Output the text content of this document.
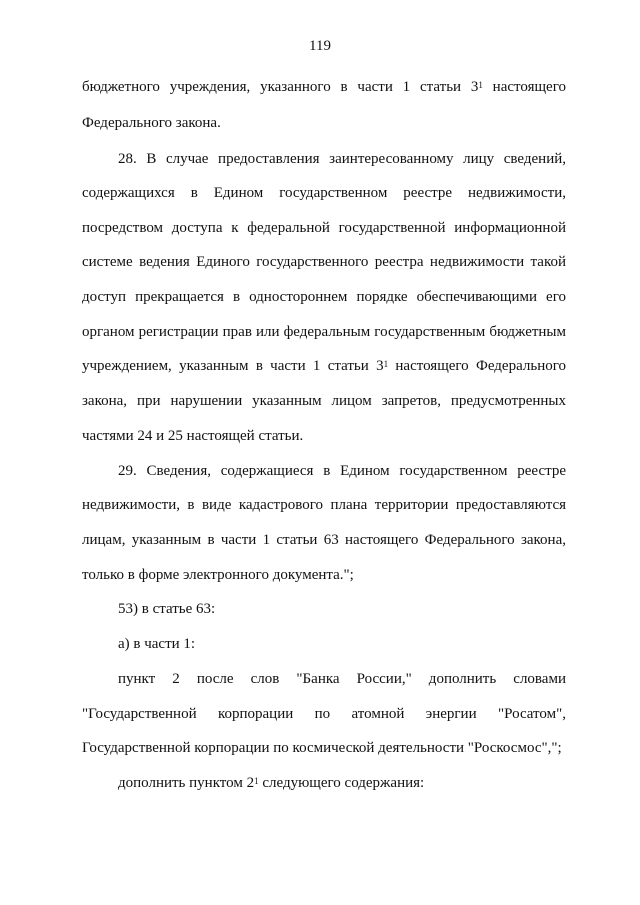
119
бюджетного учреждения, указанного в части 1 статьи $3^1$ настоящего
Федерального закона.
28. В случае предоставления заинтересованному лицу сведений,
содержащихся в Едином государственном реестре недвижимости,
посредством доступа к федеральной государственной информационной
системе ведения Единого государственного реестра недвижимости такой
доступ прекращается в одностороннем порядке обеспечивающими его
органом регистрации прав или федеральным государственным бюджетным
учреждением, указанным в части 1 статьи $3^1$ настоящего Федерального
закона, при нарушении указанным лицом запретов, предусмотренных
частями 24 и 25 настоящей статьи.
29. Сведения, содержащиеся в Едином государственном реестре
недвижимости, в виде кадастрового плана территории предоставляются
лицам, указанным в части 1 статьи 63 настоящего Федерального закона,
только в форме электронного документа.";
53) в статье 63:
а) в части 1:
пункт 2 после слов "Банка России," дополнить словами
"Государственной корпорации по атомной энергии "Росатом",
Государственной корпорации по космической деятельности "Роскосмос",";
дополнить пунктом $2^1$ следующего содержания:
